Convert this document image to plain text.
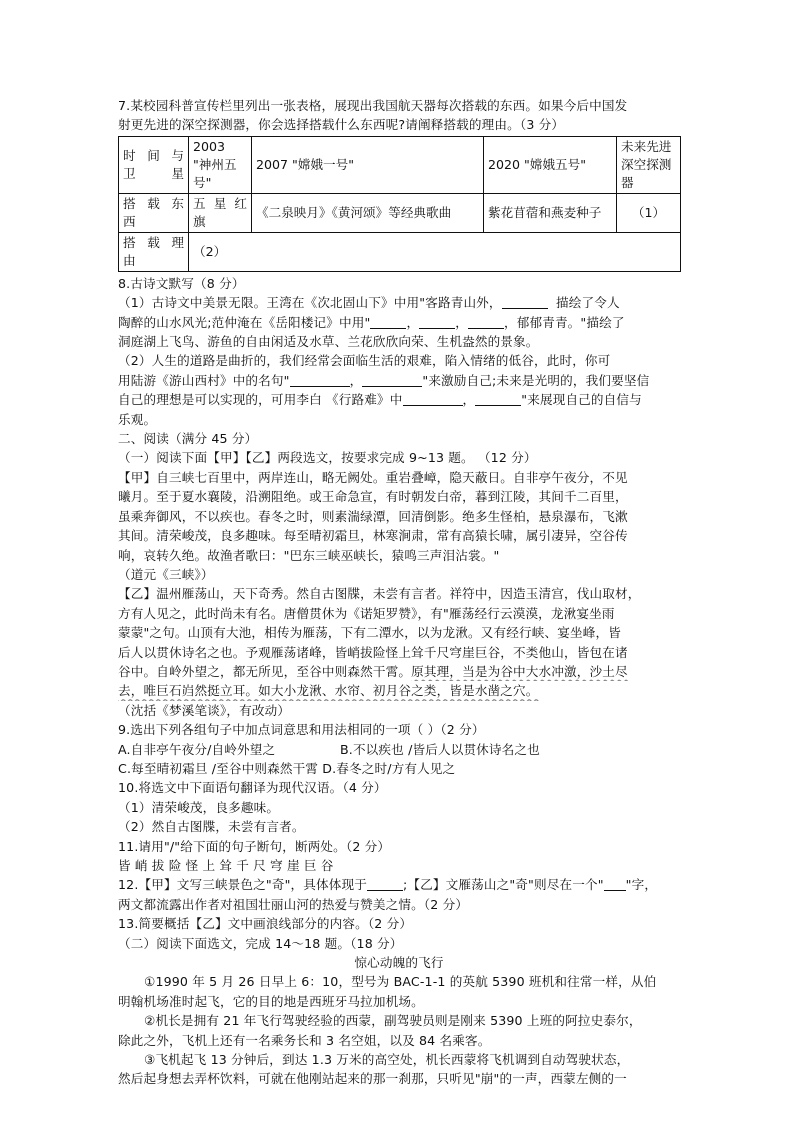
7.某校园科普宣传栏里列出一张表格，展现出我国航天器每次搭载的东西。如果今后中国发

射更先进的深空探测器，你会选择搭载什么东西呢?请阐释搭载的理由。（3 分）

时 间 与 卫星	2003 "神州五号"	2007 "嫦娥一号"	2020 "嫦娥五号"	未来先进深空探测器
搭 载 东 西	五 星 红 旗	《二泉映月》《黄河颂》等经典歌曲	紫花苜蓿和燕麦种子	（1）
搭 载 理 由	（2）			

8.古诗文默写（8 分）

（1）古诗文中美景无限。王湾在《次北固山下》中用"客路青山外，	描绘了令人

陶醉的山水风光;范仲淹在《岳阳楼记》中用"	，	，	，郁郁青青。"描绘了

洞庭湖上飞鸟、游鱼的自由闲适及水草、兰花欣欣向荣、生机盎然的景象。

（2）人生的道路是曲折的，我们经常会面临生活的艰难，陷入情绪的低谷，此时，你可

用陆游《游山西村》中的名句"	，	"来激励自己;未来是光明的，我们要坚信

自己的理想是可以实现的，可用李白 《行路难》中	，	"来展现自己的自信与

乐观。

二、阅读（满分 45 分）

（一）阅读下面【甲】【乙】两段选文，按要求完成 9~13 题。 （12 分）

【甲】自三峡七百里中，两岸连山，略无阙处。重岩叠嶂，隐天蔽日。自非亭午夜分，不见

曦月。至于夏水襄陵，沿溯阻绝。或王命急宣，有时朝发白帝，暮到江陵，其间千二百里，

虽乘奔御风，不以疾也。春冬之时，则素湍绿潭，回清倒影。绝多生怪柏，悬泉瀑布，飞漱

其间。清荣峻茂，良多趣味。每至晴初霜旦，林寒涧肃，常有高猿长啸，属引凄异，空谷传

响，哀转久绝。故渔者歌曰："巴东三峡巫峡长，猿鸣三声泪沾裳。"

（道元《三峡》）

【乙】温州雁荡山，天下奇秀。然自古图牒，未尝有言者。祥符中，因造玉清宫，伐山取材，

方有人见之，此时尚未有名。唐僧贯休为《诺矩罗赞》，有"雁荡经行云漠漠，龙湫宴坐雨

蒙蒙"之句。山顶有大池，相传为雁荡，下有二潭水，以为龙湫。又有经行峡、宴坐峰，皆

后人以贯休诗名之也。予观雁荡诸峰，皆峭拔险怪上耸千尺穹崖巨谷，不类他山，皆包在诸

谷中。自岭外望之，都无所见，至谷中则森然干霄。原其理，当是为谷中大水冲激，沙土尽

去，唯巨石岿然挺立耳。如大小龙湫、水帘、初月谷之类，皆是水凿之穴。

（沈括《梦溪笔谈》，有改动）

9.选出下列各组句子中加点词意思和用法相同的一项（ ）（2 分）

A.自非亭午夜分/自岭外望之	B.不以疾也 /皆后人以贯休诗名之也

C.每至晴初霜旦 /至谷中则森然干霄 D.春冬之时/方有人见之

10.将选文中下面语句翻译为现代汉语。（4 分）

（1）清荣峻茂，良多趣味。

（2）然自古图牒，未尝有言者。

11.请用"/"给下面的句子断句，断两处。（2 分）

皆 峭 拔 险 怪 上 耸 千 尺 穹 崖 巨 谷

12.【甲】文写三峡景色之"奇"，具体体现于	;【乙】文雁荡山之"奇"则尽在一个" "字，

两文都流露出作者对祖国壮丽山河的热爱与赞美之情。（2 分）

13.简要概括【乙】文中画浪线部分的内容。（2 分）

（二）阅读下面选文，完成 14～18 题。（18 分）

惊心动魄的飞行

①1990 年 5 月 26 日早上 6：10，型号为 BAC-1-1 的英航 5390 班机和往常一样，从伯

明翰机场准时起飞，它的目的地是西班牙马拉加机场。

②机长是拥有 21 年飞行驾驶经验的西蒙，副驾驶员则是刚来 5390 上班的阿拉史泰尔，

除此之外，飞机上还有一名乘务长和 3 名空姐，以及 84 名乘客。

③飞机起飞 13 分钟后，到达 1.3 万米的高空处，机长西蒙将飞机调到自动驾驶状态，

然后起身想去弄杯饮料，可就在他刚站起来的那一刹那，只听见"崩"的一声，西蒙左侧的一
